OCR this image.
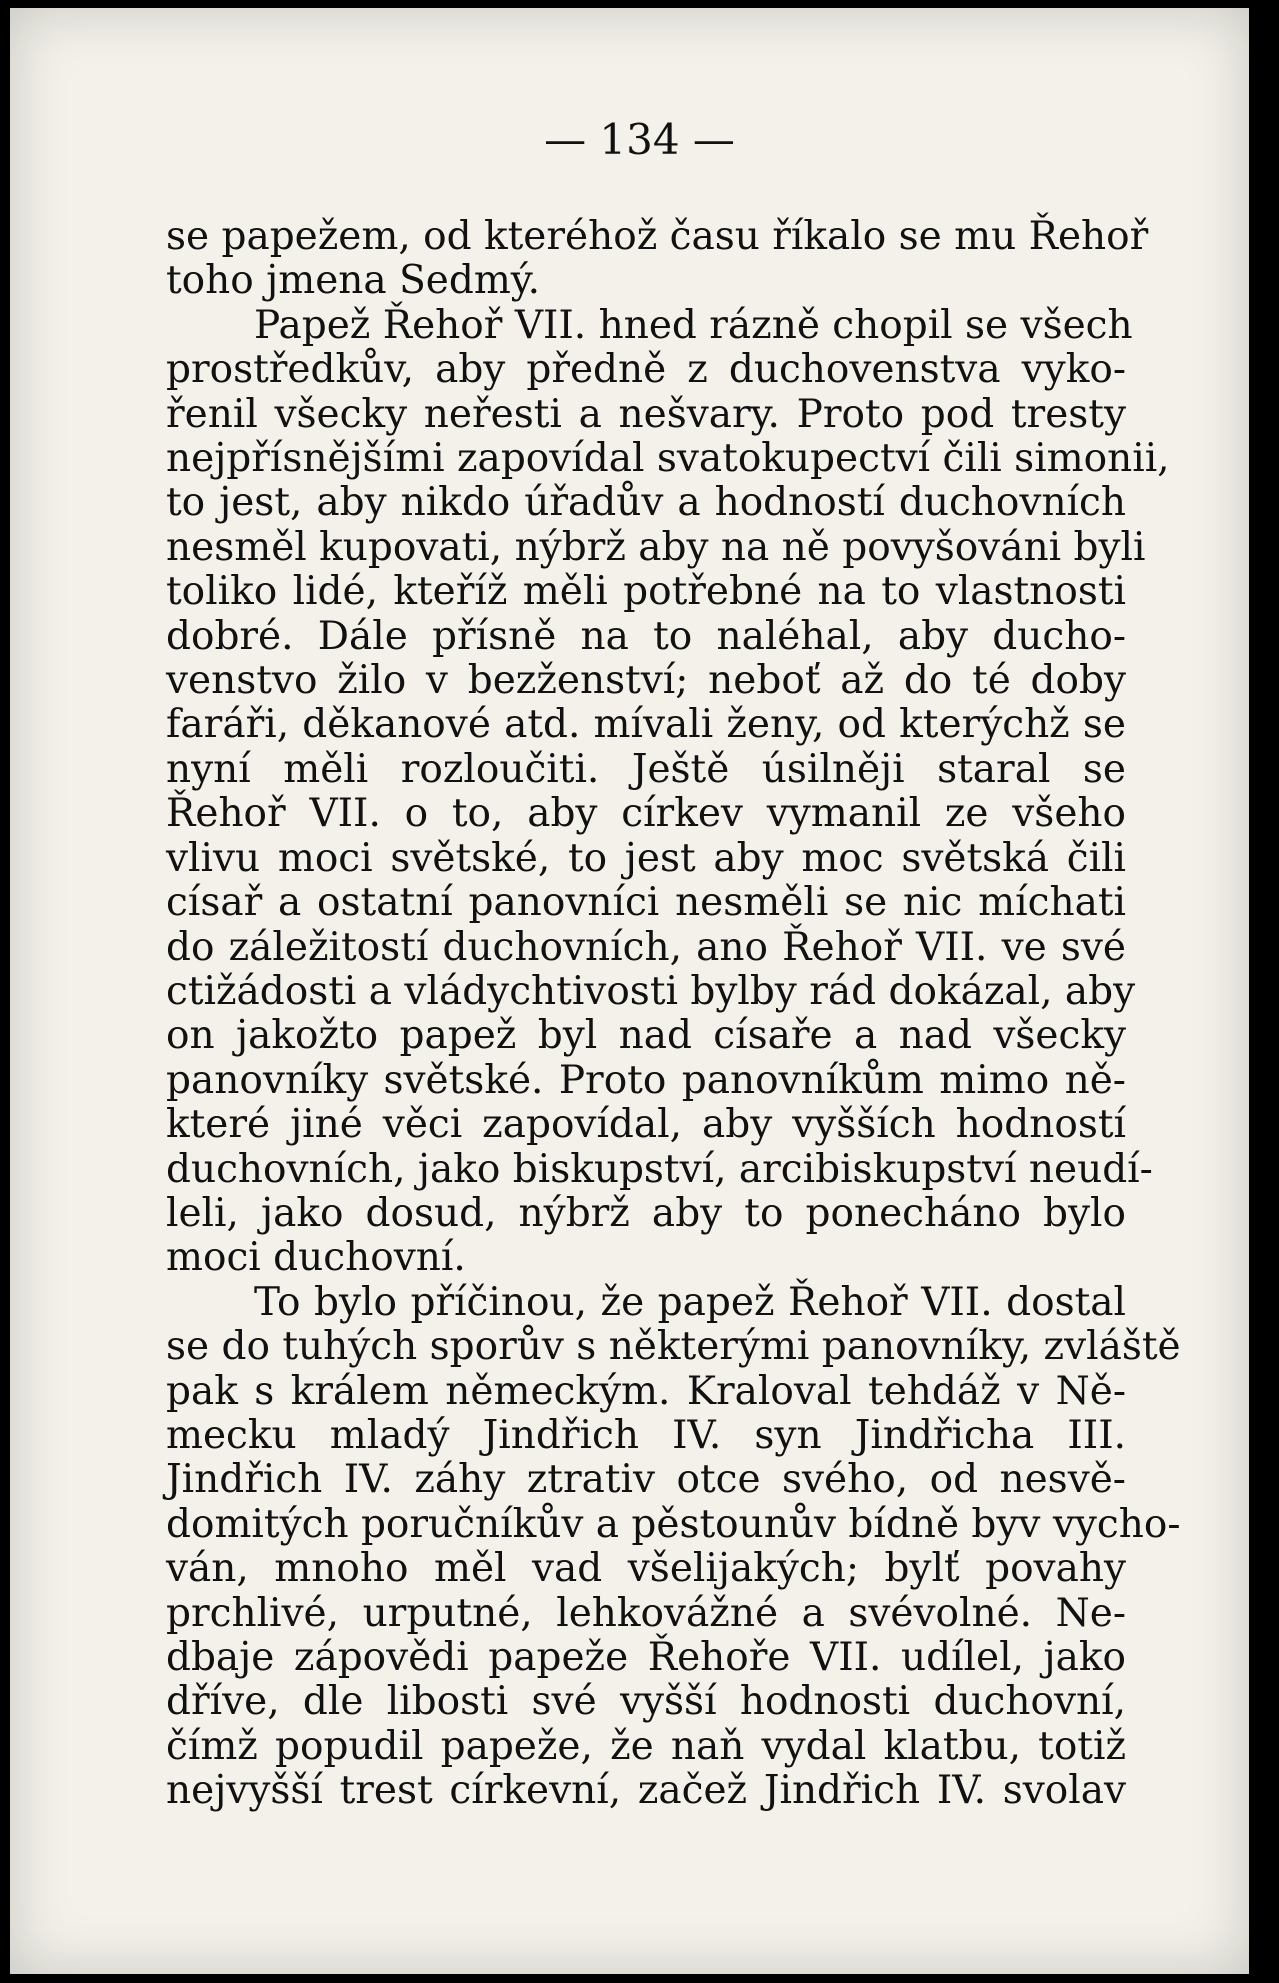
— 134 —

se papežem, od kteréhož času říkalo se mu Řehoř
toho jmena Sedmý.

Papež Řehoř VII. hned rázně chopil se všech
prostředkův, aby předně z duchovenstva vyko-
řenil všecky neřesti a nešvary. Proto pod tresty
nejpřísnějšími zapovídal svatokupectví čili simonii,
to jest, aby nikdo úřadův a hodností duchovních
nesměl kupovati, nýbrž aby na ně povyšováni byli
toliko lidé, kteříž měli potřebné na to vlastnosti
dobré. Dále přísně na to naléhal, aby ducho-
venstvo žilo v bezženství; neboť až do té doby
faráři, děkanové atd. mívali ženy, od kterýchž se
nyní měli rozloučiti. Ještě úsilněji staral se
Řehoř VII. o to, aby církev vymanil ze všeho
vlivu moci světské, to jest aby moc světská čili
císař a ostatní panovníci nesměli se nic míchati
do záležitostí duchovních, ano Řehoř VII. ve své
ctižádosti a vládychtivosti bylby rád dokázal, aby
on jakožto papež byl nad císaře a nad všecky
panovníky světské. Proto panovníkům mimo ně-
které jiné věci zapovídal, aby vyšších hodností
duchovních, jako biskupství, arcibiskupství neudí-
leli, jako dosud, nýbrž aby to ponecháno bylo
moci duchovní.

To bylo příčinou, že papež Řehoř VII. dostal
se do tuhých sporův s některými panovníky, zvláště
pak s králem německým. Kraloval tehdáž v Ně-
mecku mladý Jindřich IV. syn Jindřicha III.
Jindřich IV. záhy ztrativ otce svého, od nesvě-
domitých poručníkův a pěstounův bídně byv vycho-
ván, mnoho měl vad všelijakých; bylť povahy
prchlivé, urputné, lehkovážné a svévolné. Ne-
dbaje zápovědi papeže Řehoře VII. udílel, jako
dříve, dle libosti své vyšší hodnosti duchovní,
čímž popudil papeže, že naň vydal klatbu, totiž
nejvyšší trest církevní, začež Jindřich IV. svolav
